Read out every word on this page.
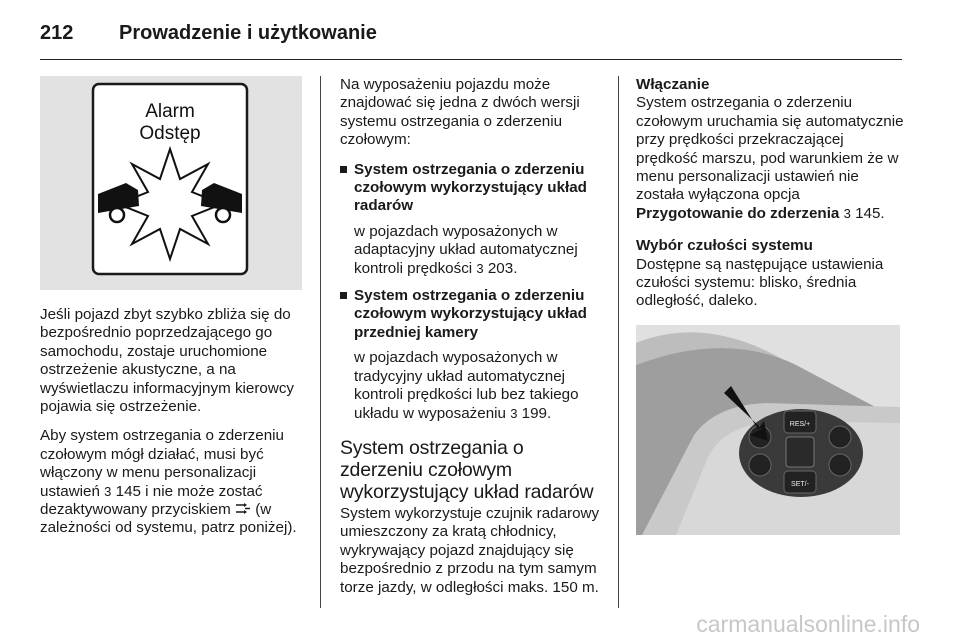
212 Prowadzenie i użytkowanie
Alarm
Odstęp

Jeśli pojazd zbyt szybko zbliża się do bezpośrednio poprzedzającego go samochodu, zostaje uruchomione ostrzeżenie akustyczne, a na wyświetlaczu informacyjnym kierowcy pojawia się ostrzeżenie.

Aby system ostrzegania o zderzeniu czołowym mógł działać, musi być włączony w menu personalizacji ustawień 3 145 i nie może zostać dezaktywowany przyciskiem  (w zależności od systemu, patrz poniżej).

Na wyposażeniu pojazdu może znajdować się jedna z dwóch wersji systemu ostrzegania o zderzeniu czołowym:

System ostrzegania o zderzeniu czołowym wykorzystujący układ radarów
w pojazdach wyposażonych w adaptacyjny układ automatycznej kontroli prędkości 3 203.
System ostrzegania o zderzeniu czołowym wykorzystujący układ przedniej kamery
w pojazdach wyposażonych w tradycyjny układ automatycznej kontroli prędkości lub bez takiego układu w wyposażeniu 3 199.
System ostrzegania o zderzeniu czołowym wykorzystujący układ radarów

System wykorzystuje czujnik radarowy umieszczony za kratą chłodnicy, wykrywający pojazd znajdujący się bezpośrednio z przodu na tym samym torze jazdy, w odległości maks. 150 m.

Włączanie

System ostrzegania o zderzeniu czołowym uruchamia się automatycznie przy prędkości przekraczającej prędkość marszu, pod warunkiem że w menu personalizacji ustawień nie została wyłączona opcja Przygotowanie do zderzenia 3 145.

Wybór czułości systemu

Dostępne są następujące ustawienia czułości systemu: blisko, średnia odległość, daleko.

RES/+
SET/-
carmanualsonline.info
